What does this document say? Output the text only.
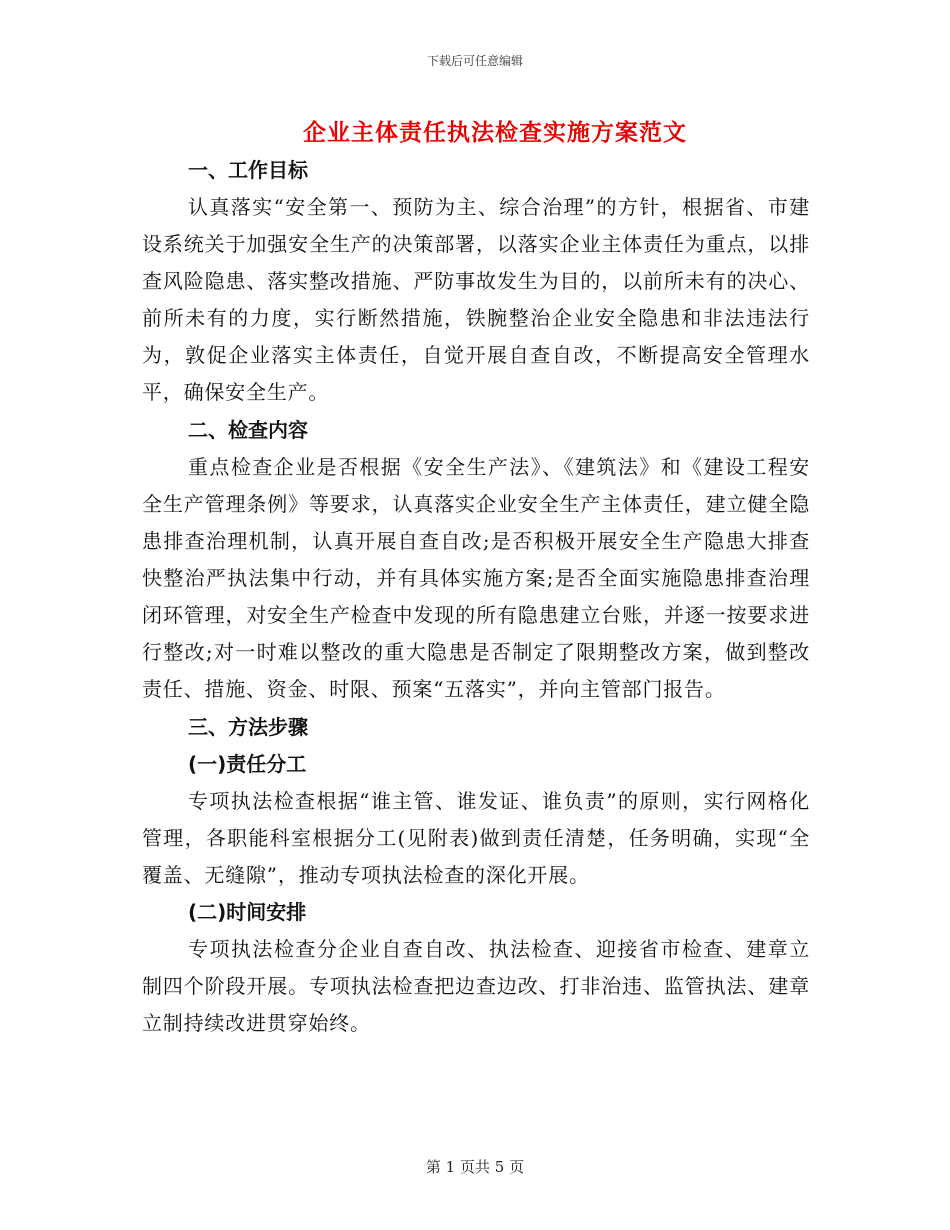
下载后可任意编辑
企业主体责任执法检查实施方案范文

一、工作目标

认真落实“安全第一、预防为主、综合治理”的方针，根据省、市建设系统关于加强安全生产的决策部署，以落实企业主体责任为重点，以排查风险隐患、落实整改措施、严防事故发生为目的，以前所未有的决心、前所未有的力度，实行断然措施，铁腕整治企业安全隐患和非法违法行为，敦促企业落实主体责任，自觉开展自查自改，不断提高安全管理水平，确保安全生产。

二、检查内容

重点检查企业是否根据《安全生产法》、《建筑法》和《建设工程安全生产管理条例》等要求，认真落实企业安全生产主体责任，建立健全隐患排查治理机制，认真开展自查自改;是否积极开展安全生产隐患大排查快整治严执法集中行动，并有具体实施方案;是否全面实施隐患排查治理闭环管理，对安全生产检查中发现的所有隐患建立台账，并逐一按要求进行整改;对一时难以整改的重大隐患是否制定了限期整改方案，做到整改责任、措施、资金、时限、预案“五落实”，并向主管部门报告。

三、方法步骤

(一)责任分工

专项执法检查根据“谁主管、谁发证、谁负责”的原则，实行网格化管理，各职能科室根据分工(见附表)做到责任清楚，任务明确，实现“全覆盖、无缝隙”，推动专项执法检查的深化开展。

(二)时间安排

专项执法检查分企业自查自改、执法检查、迎接省市检查、建章立制四个阶段开展。专项执法检查把边查边改、打非治违、监管执法、建章立制持续改进贯穿始终。

第 1 页共 5 页
